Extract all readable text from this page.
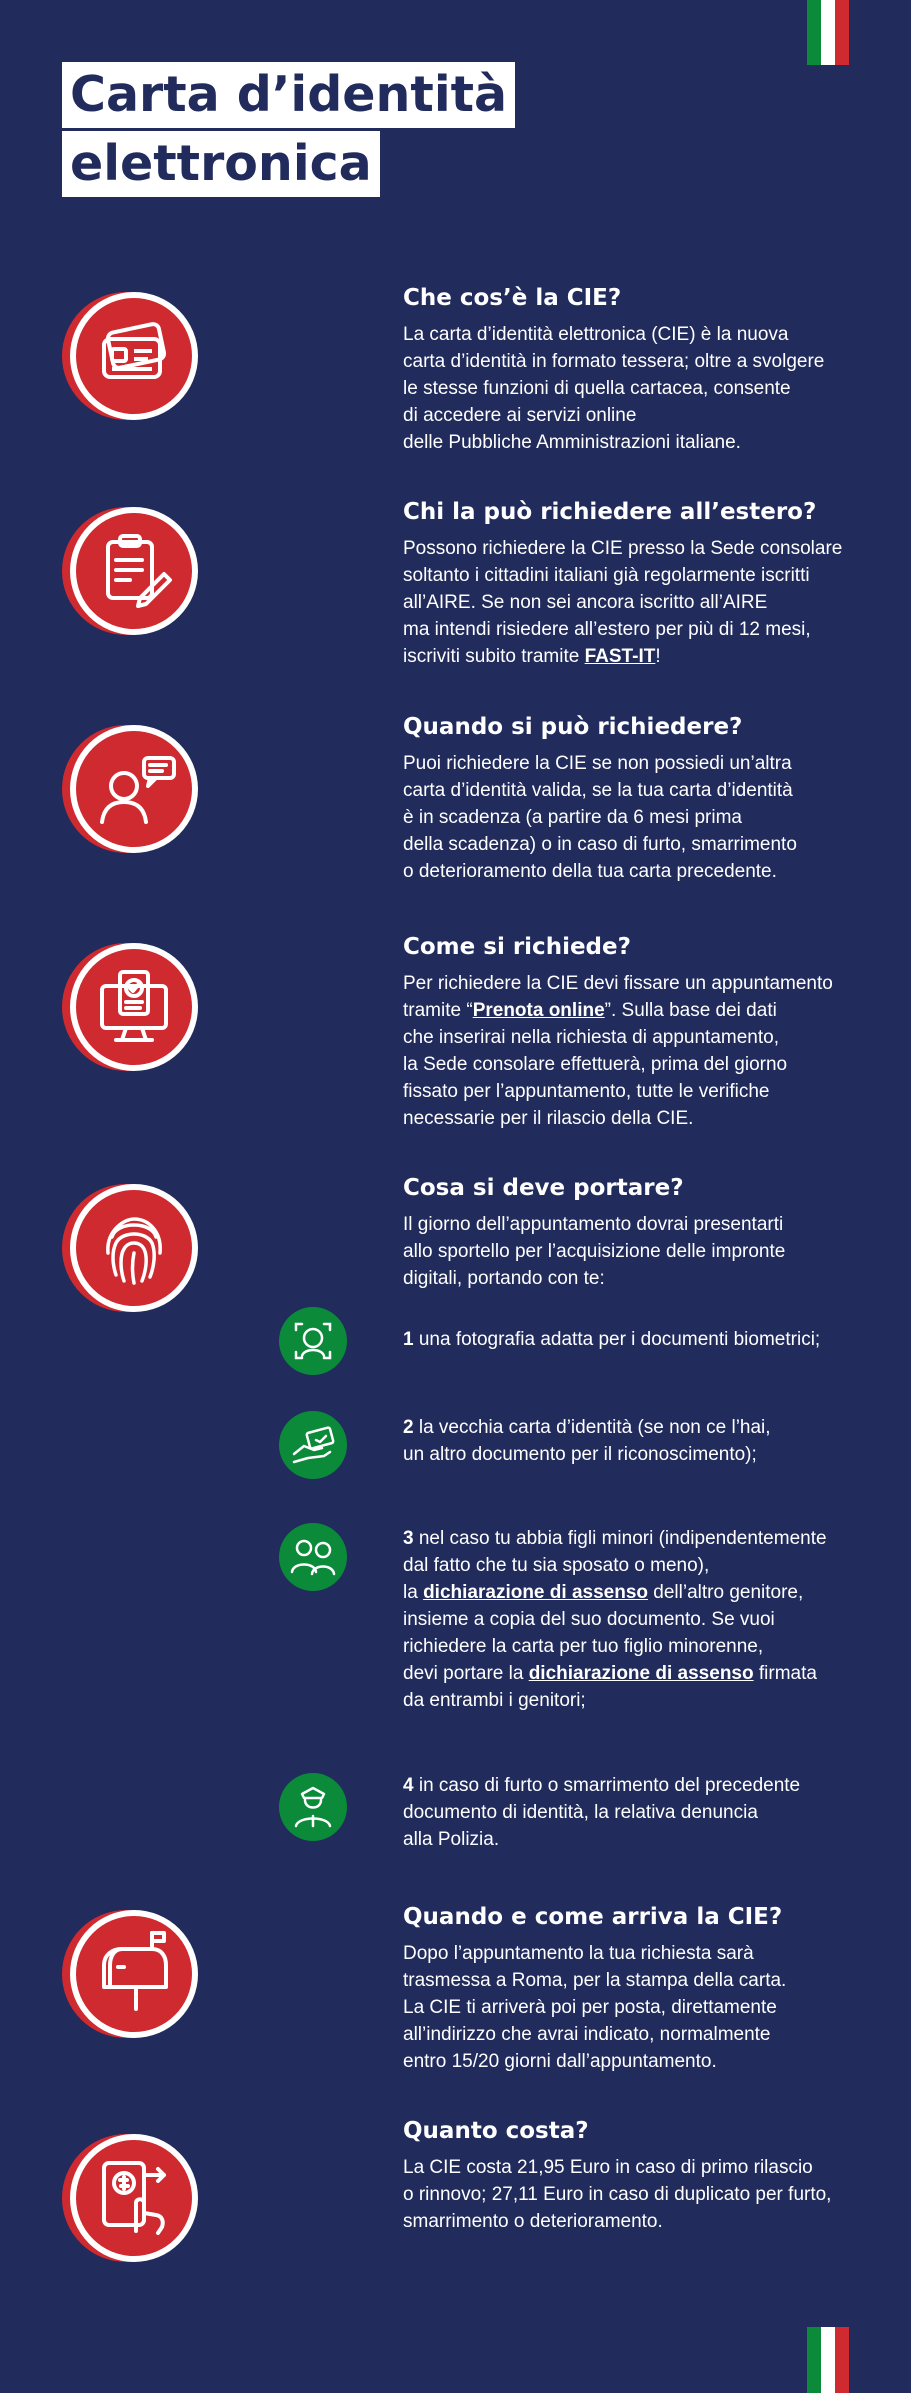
Carta d’identità
elettronica
Che cos’è la CIE?

La carta d’identità elettronica (CIE) è la nuova
carta d’identità in formato tessera; oltre a svolgere
le stesse funzioni di quella cartacea, consente
di accedere ai servizi online
delle Pubbliche Amministrazioni italiane.

Chi la può richiedere all’estero?

Possono richiedere la CIE presso la Sede consolare
soltanto i cittadini italiani già regolarmente iscritti
all’AIRE. Se non sei ancora iscritto all’AIRE
ma intendi risiedere all’estero per più di 12 mesi,
iscriviti subito tramite FAST-IT!

Quando si può richiedere?

Puoi richiedere la CIE se non possiedi un’altra
carta d’identità valida, se la tua carta d’identità
è in scadenza (a partire da 6 mesi prima
della scadenza) o in caso di furto, smarrimento
o deterioramento della tua carta precedente.

Come si richiede?

Per richiedere la CIE devi fissare un appuntamento
tramite “Prenota online”. Sulla base dei dati
che inserirai nella richiesta di appuntamento,
la Sede consolare effettuerà, prima del giorno
fissato per l’appuntamento, tutte le verifiche
necessarie per il rilascio della CIE.

Cosa si deve portare?

Il giorno dell’appuntamento dovrai presentarti
allo sportello per l’acquisizione delle impronte
digitali, portando con te:

1 una fotografia adatta per i documenti biometrici;
2 la vecchia carta d’identità (se non ce l’hai,
un altro documento per il riconoscimento);
3 nel caso tu abbia figli minori (indipendentemente
dal fatto che tu sia sposato o meno),
la dichiarazione di assenso dell’altro genitore,
insieme a copia del suo documento. Se vuoi
richiedere la carta per tuo figlio minorenne,
devi portare la dichiarazione di assenso firmata
da entrambi i genitori;
4 in caso di furto o smarrimento del precedente
documento di identità, la relativa denuncia
alla Polizia.
Quando e come arriva la CIE?

Dopo l’appuntamento la tua richiesta sarà
trasmessa a Roma, per la stampa della carta.
La CIE ti arriverà poi per posta, direttamente
all’indirizzo che avrai indicato, normalmente
entro 15/20 giorni dall’appuntamento.

Quanto costa?

La CIE costa 21,95 Euro in caso di primo rilascio
o rinnovo; 27,11 Euro in caso di duplicato per furto,
smarrimento o deterioramento.
